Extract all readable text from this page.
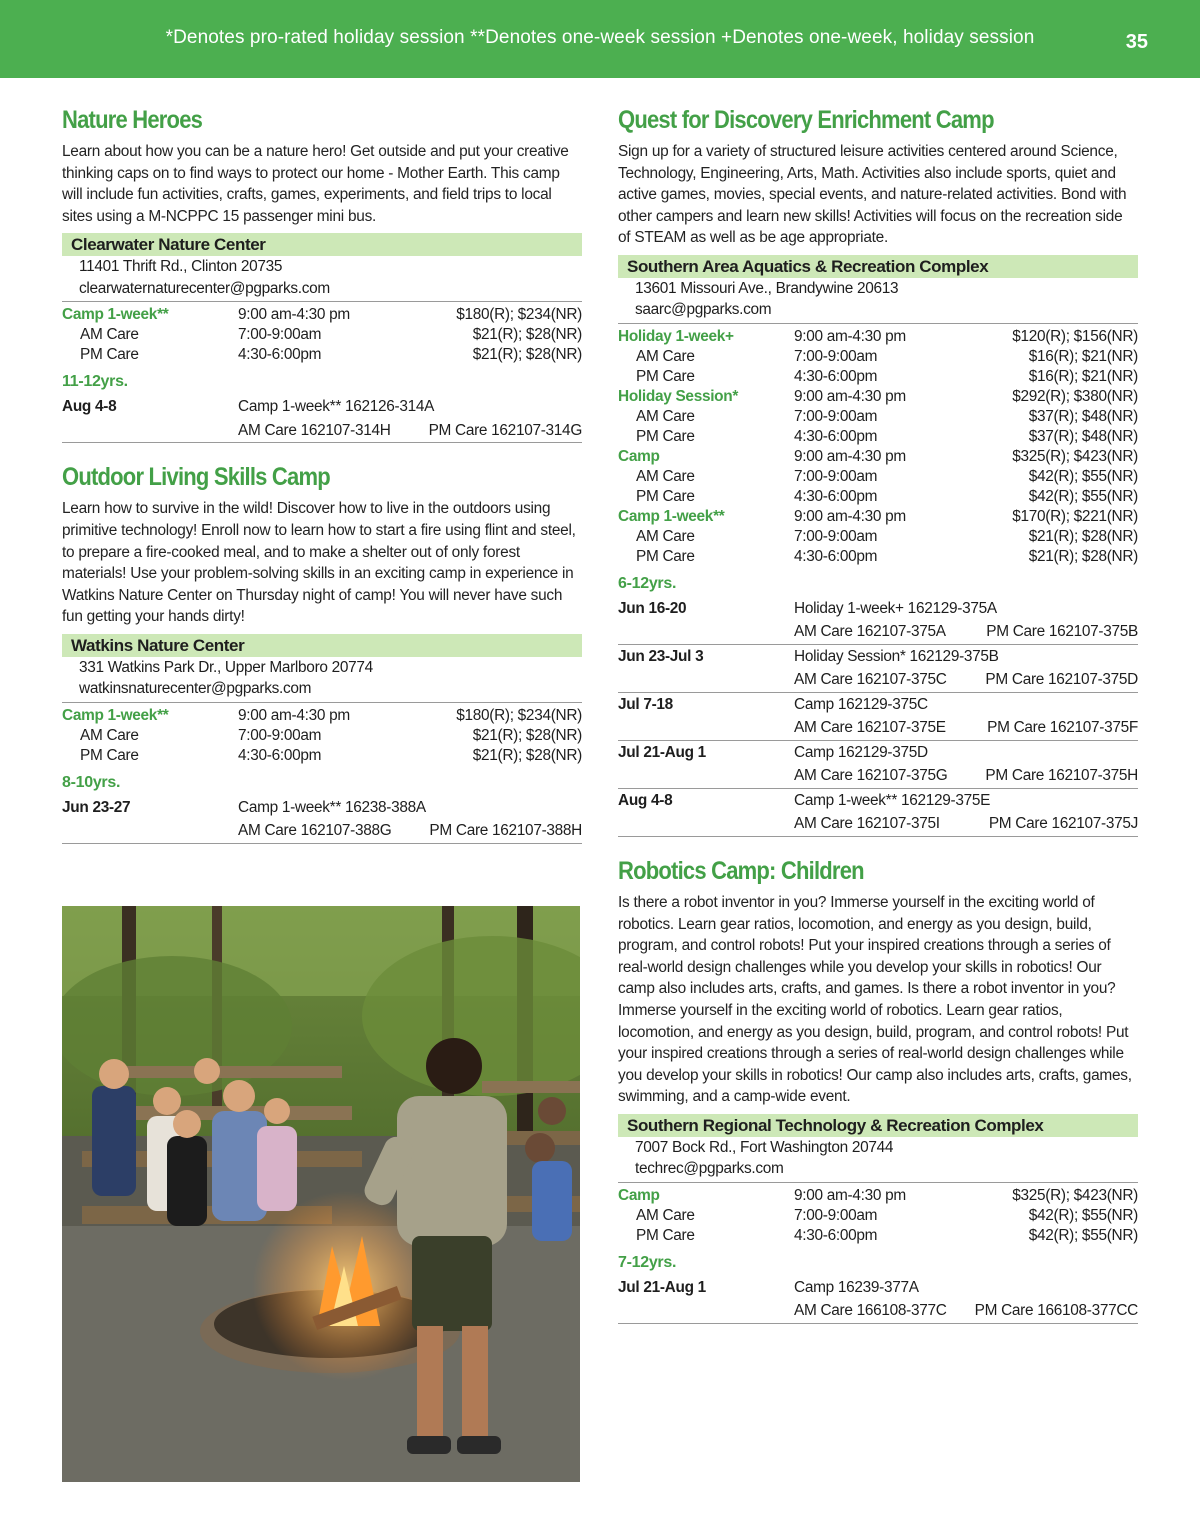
*Denotes pro-rated holiday session **Denotes one-week session +Denotes one-week, holiday session	35
Nature Heroes
Learn about how you can be a nature hero! Get outside and put your creative thinking caps on to find ways to protect our home - Mother Earth. This camp will include fun activities, crafts, games, experiments, and field trips to local sites using a M-NCPPC 15 passenger mini bus.
Clearwater Nature Center
11401 Thrift Rd., Clinton 20735
clearwaternaturecenter@pgparks.com
Camp 1-week**	9:00 am-4:30 pm	$180(R); $234(NR)
AM Care	7:00-9:00am	$21(R); $28(NR)
PM Care	4:30-6:00pm	$21(R); $28(NR)
11-12yrs.
Aug 4-8	Camp 1-week** 162126-314A
AM Care 162107-314H	PM Care 162107-314G
Outdoor Living Skills Camp
Learn how to survive in the wild! Discover how to live in the outdoors using primitive technology! Enroll now to learn how to start a fire using flint and steel, to prepare a fire-cooked meal, and to make a shelter out of only forest materials! Use your problem-solving skills in an exciting camp in experience in Watkins Nature Center on Thursday night of camp! You will never have such fun getting your hands dirty!
Watkins Nature Center
331 Watkins Park Dr., Upper Marlboro 20774
watkinsnaturecenter@pgparks.com
Camp 1-week**	9:00 am-4:30 pm	$180(R); $234(NR)
AM Care	7:00-9:00am	$21(R); $28(NR)
PM Care	4:30-6:00pm	$21(R); $28(NR)
8-10yrs.
Jun 23-27	Camp 1-week** 16238-388A
AM Care 162107-388G	PM Care 162107-388H
Quest for Discovery Enrichment Camp
Sign up for a variety of structured leisure activities centered around Science, Technology, Engineering, Arts, Math. Activities also include sports, quiet and active games, movies, special events, and nature-related activities. Bond with other campers and learn new skills! Activities will focus on the recreation side of STEAM as well as be age appropriate.
Southern Area Aquatics & Recreation Complex
13601 Missouri Ave., Brandywine 20613
saarc@pgparks.com
Holiday 1-week+	9:00 am-4:30 pm	$120(R); $156(NR)
AM Care	7:00-9:00am	$16(R); $21(NR)
PM Care	4:30-6:00pm	$16(R); $21(NR)
Holiday Session*	9:00 am-4:30 pm	$292(R); $380(NR)
AM Care	7:00-9:00am	$37(R); $48(NR)
PM Care	4:30-6:00pm	$37(R); $48(NR)
Camp	9:00 am-4:30 pm	$325(R); $423(NR)
AM Care	7:00-9:00am	$42(R); $55(NR)
PM Care	4:30-6:00pm	$42(R); $55(NR)
Camp 1-week**	9:00 am-4:30 pm	$170(R); $221(NR)
AM Care	7:00-9:00am	$21(R); $28(NR)
PM Care	4:30-6:00pm	$21(R); $28(NR)
6-12yrs.
Jun 16-20	Holiday 1-week+ 162129-375A
AM Care 162107-375A	PM Care 162107-375B
Jun 23-Jul 3	Holiday Session* 162129-375B
AM Care 162107-375C	PM Care 162107-375D
Jul 7-18	Camp 162129-375C
AM Care 162107-375E	PM Care 162107-375F
Jul 21-Aug 1	Camp 162129-375D
AM Care 162107-375G	PM Care 162107-375H
Aug 4-8	Camp 1-week** 162129-375E
AM Care 162107-375I	PM Care 162107-375J
Robotics Camp: Children
Is there a robot inventor in you? Immerse yourself in the exciting world of robotics. Learn gear ratios, locomotion, and energy as you design, build, program, and control robots! Put your inspired creations through a series of real-world design challenges while you develop your skills in robotics! Our camp also includes arts, crafts, and games. Is there a robot inventor in you? Immerse yourself in the exciting world of robotics. Learn gear ratios, locomotion, and energy as you design, build, program, and control robots! Put your inspired creations through a series of real-world design challenges while you develop your skills in robotics! Our camp also includes arts, crafts, games, swimming, and a camp-wide event.
Southern Regional Technology & Recreation Complex
7007 Bock Rd., Fort Washington 20744
techrec@pgparks.com
Camp	9:00 am-4:30 pm	$325(R); $423(NR)
AM Care	7:00-9:00am	$42(R); $55(NR)
PM Care	4:30-6:00pm	$42(R); $55(NR)
7-12yrs.
Jul 21-Aug 1	Camp 16239-377A
AM Care 166108-377C	PM Care 166108-377CC
